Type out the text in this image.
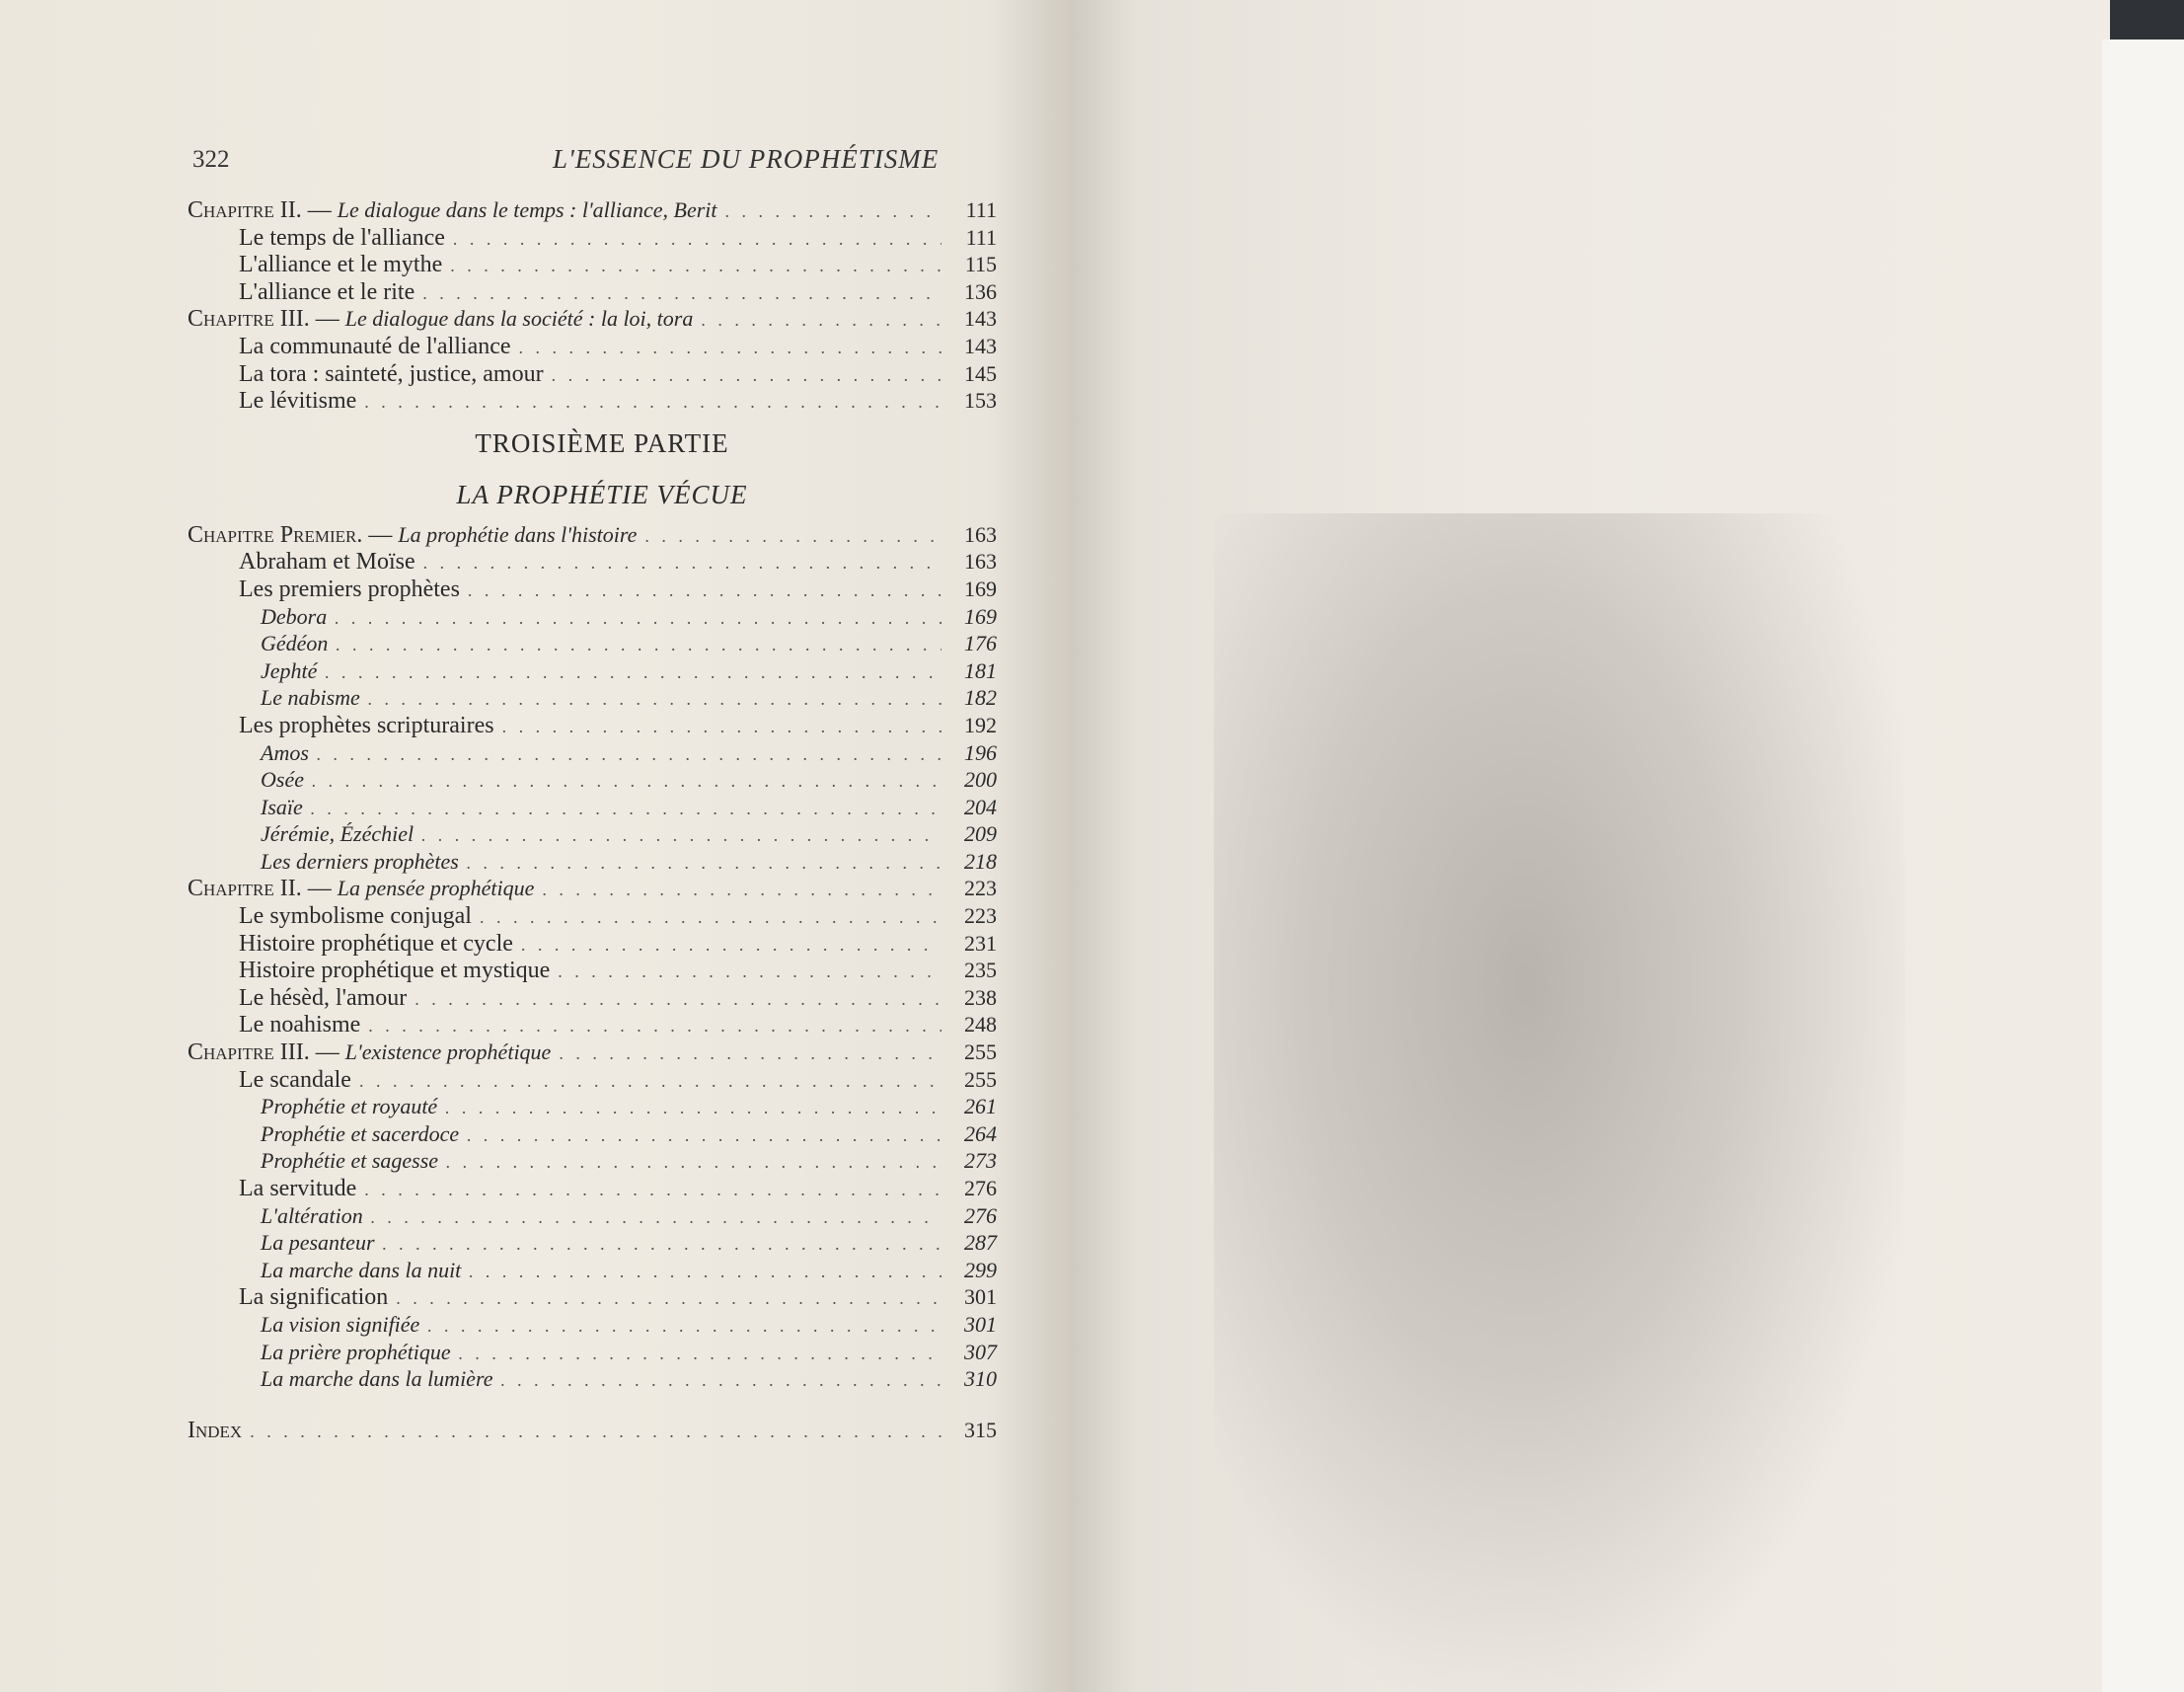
322	L'ESSENCE DU PROPHÉTISME
Chapitre II. — Le dialogue dans le temps : l'alliance, Berit . . .	111
Le temps de l'alliance . . .	111
L'alliance et le mythe . . .	115
L'alliance et le rite . . .	136
Chapitre III. — Le dialogue dans la société : la loi, tora . . .	143
La communauté de l'alliance . . .	143
La tora : sainteté, justice, amour . . .	145
Le lévitisme . . .	153
TROISIÈME PARTIE
LA PROPHÉTIE VÉCUE
Chapitre Premier. — La prophétie dans l'histoire . . .	163
Abraham et Moïse . . .	163
Les premiers prophètes . . .	169
Debora . . .	169
Gédéon . . .	176
Jephté . . .	181
Le nabisme . . .	182
Les prophètes scripturaires . . .	192
Amos . . .	196
Osée . . .	200
Isaïe . . .	204
Jérémie, Ézéchiel . . .	209
Les derniers prophètes . . .	218
Chapitre II. — La pensée prophétique . . .	223
Le symbolisme conjugal . . .	223
Histoire prophétique et cycle . . .	231
Histoire prophétique et mystique . . .	235
Le hésèd, l'amour . . .	238
Le noahisme . . .	248
Chapitre III. — L'existence prophétique . . .	255
Le scandale . . .	255
Prophétie et royauté . . .	261
Prophétie et sacerdoce . . .	264
Prophétie et sagesse . . .	273
La servitude . . .	276
L'altération . . .	276
La pesanteur . . .	287
La marche dans la nuit . . .	299
La signification . . .	301
La vision signifiée . . .	301
La prière prophétique . . .	307
La marche dans la lumière . . .	310
Index . . .	315
